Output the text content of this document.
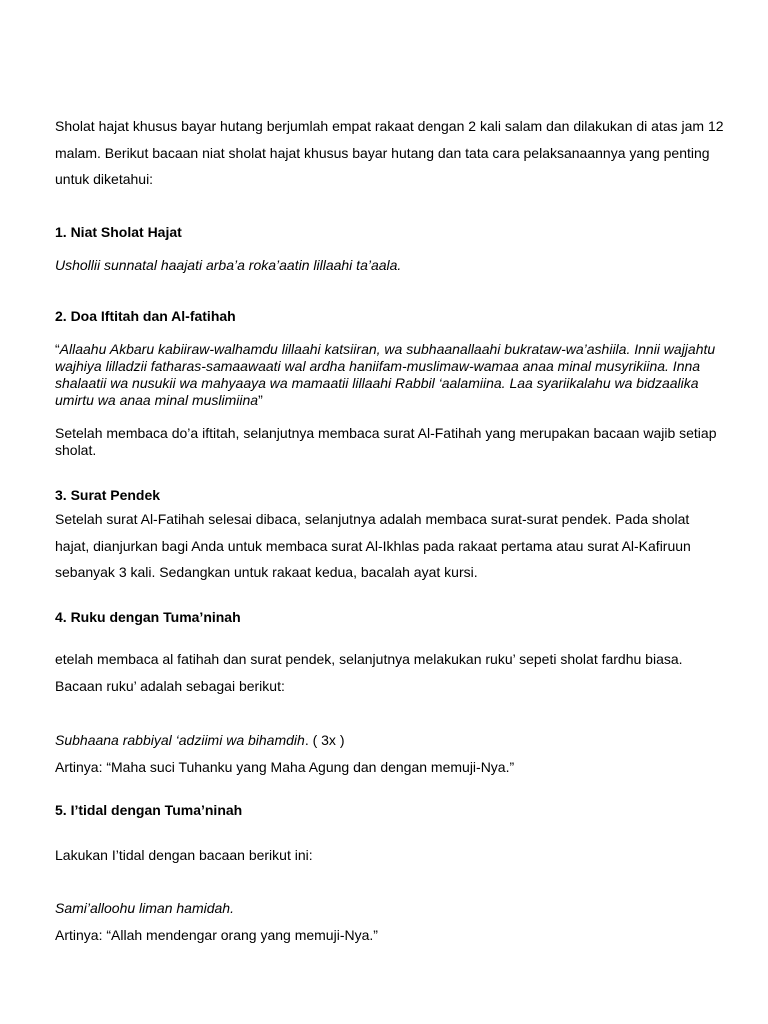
Sholat hajat khusus bayar hutang berjumlah empat rakaat dengan 2 kali salam dan dilakukan di atas jam 12 malam. Berikut bacaan niat sholat hajat khusus bayar hutang dan tata cara pelaksanaannya yang penting untuk diketahui:

1. Niat Sholat Hajat

Ushollii sunnatal haajati arba’a roka’aatin lillaahi ta’aala.

2. Doa Iftitah dan Al-fatihah

“Allaahu Akbaru kabiiraw-walhamdu lillaahi katsiiran, wa subhaanallaahi bukrataw-wa’ashiila. Innii wajjahtu wajhiya lilladzii fatharas-samaawaati wal ardha haniifam-muslimaw-wamaa anaa minal musyrikiina. Inna shalaatii wa nusukii wa mahyaaya wa mamaatii lillaahi Rabbil ‘aalamiina. Laa syariikalahu wa bidzaalika umirtu wa anaa minal muslimiina”

Setelah membaca do’a iftitah, selanjutnya membaca surat Al-Fatihah yang merupakan bacaan wajib setiap sholat.

3. Surat Pendek

Setelah surat Al-Fatihah selesai dibaca, selanjutnya adalah membaca surat-surat pendek. Pada sholat hajat, dianjurkan bagi Anda untuk membaca surat Al-Ikhlas pada rakaat pertama atau surat Al-Kafiruun sebanyak 3 kali. Sedangkan untuk rakaat kedua, bacalah ayat kursi.

4. Ruku dengan Tuma’ninah

etelah membaca al fatihah dan surat pendek, selanjutnya melakukan ruku’ sepeti sholat fardhu biasa. Bacaan ruku’ adalah sebagai berikut:

Subhaana rabbiyal ‘adziimi wa bihamdih. ( 3x )

Artinya: “Maha suci Tuhanku yang Maha Agung dan dengan memuji-Nya.”

5. I’tidal dengan Tuma’ninah

Lakukan I’tidal dengan bacaan berikut ini:

Sami’alloohu liman hamidah.

Artinya: “Allah mendengar orang yang memuji-Nya.”
